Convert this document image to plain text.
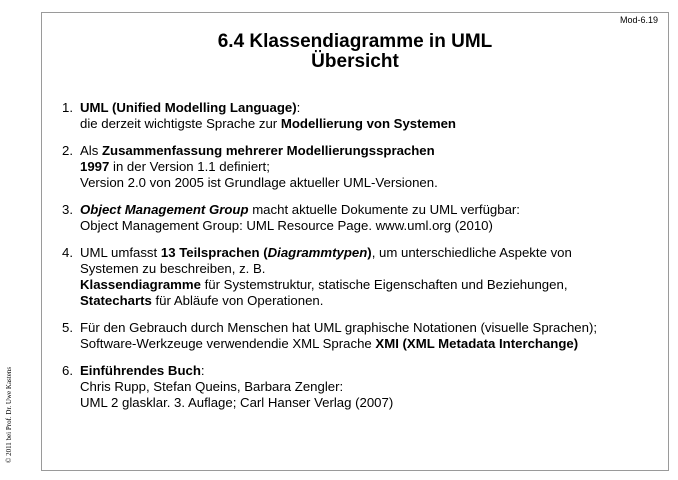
Mod-6.19
6.4 Klassendiagramme in UML
Übersicht
© 2011 bei Prof. Dr. Uwe Kastens
1. UML (Unified Modelling Language):
die derzeit wichtigste Sprache zur Modellierung von Systemen
2. Als Zusammenfassung mehrerer Modellierungssprachen
1997 in der Version 1.1 definiert;
Version 2.0 von 2005 ist Grundlage aktueller UML-Versionen.
3. Object Management Group macht aktuelle Dokumente zu UML verfügbar:
Object Management Group: UML Resource Page. www.uml.org (2010)
4. UML umfasst 13 Teilsprachen (Diagrammtypen), um unterschiedliche Aspekte von
Systemen zu beschreiben, z. B.
Klassendiagramme für Systemstruktur, statische Eigenschaften und Beziehungen,
Statecharts für Abläufe von Operationen.
5. Für den Gebrauch durch Menschen hat UML graphische Notationen (visuelle Sprachen);
Software-Werkzeuge verwendendie XML Sprache XMI (XML Metadata Interchange)
6. Einführendes Buch:
Chris Rupp, Stefan Queins, Barbara Zengler:
UML 2 glasklar. 3. Auflage; Carl Hanser Verlag (2007)
